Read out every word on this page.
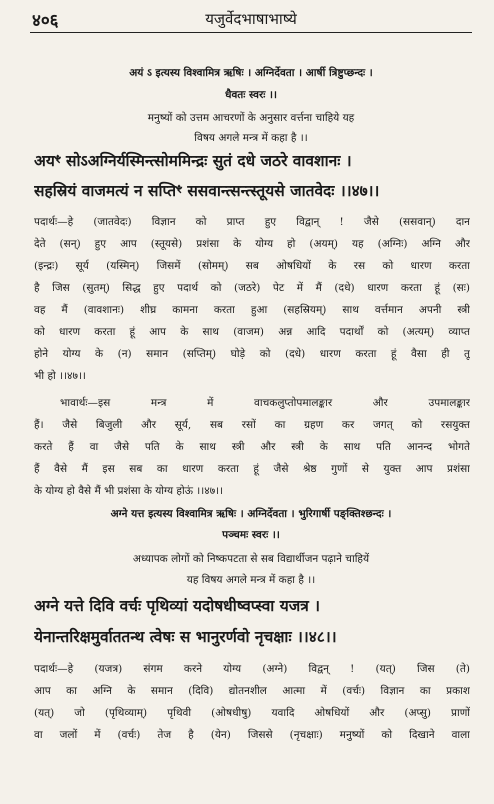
४०६	यजुर्वेदभाषाभाष्ये
अयं ऽ इत्यस्य विश्वामित्र ऋषिः । अग्निर्देवता । आर्षी त्रिष्टुप्छन्दः ।
धैवतः स्वरः ।।
मनुष्यों को उत्तम आचरणों के अनुसार वर्त्तना चाहिये यह
विषय अगले मन्त्र में कहा है ।।
अयꣳ सोऽअग्निर्यस्मिन्त्सोममिन्द्रः सुतं दधे जठरे वावशानः ।
सहस्रियं वाजमत्यं न सप्तिꣳ ससवान्त्सन्त्स्तूयसे जातवेदः ।।४७।।
पदार्थः—हे (जातवेदः) विज्ञान को प्राप्त हुए विद्वान् ! जैसे (ससवान्) दान
देते (सन्) हुए आप (स्तूयसे) प्रशंसा के योग्य हो (अयम्) यह (अग्निः) अग्नि और
(इन्द्रः) सूर्य (यस्मिन्) जिसमें (सोमम्) सब ओषधियों के रस को धारण करता
है जिस (सुतम्) सिद्ध हुए पदार्थ को (जठरे) पेट में मैं (दधे) धारण करता हूं (सः)
वह मैं (वावशानः) शीघ्र कामना करता हुआ (सहस्रियम्) साथ वर्त्तमान अपनी स्त्री
को धारण करता हूं आप के साथ (वाजम) अन्न आदि पदार्थों को (अत्यम्) व्याप्त
होने योग्य के (न) समान (सप्तिम्) घोड़े को (दधे) धारण करता हूं वैसा ही तू
भी हो ।।४७।।
भावार्थः—इस मन्त्र में वाचकलुप्तोपमालङ्कार और उपमालङ्कार
हैं। जैसे बिजुली और सूर्य, सब रसों का ग्रहण कर जगत् को रसयुक्त
करते हैं वा जैसे पति के साथ स्त्री और स्त्री के साथ पति आनन्द भोगते
हैं वैसे मैं इस सब का धारण करता हूं जैसे श्रेष्ठ गुणों से युक्त आप प्रशंसा
के योग्य हो वैसे मैं भी प्रशंसा के योग्य होऊं ।।४७।।
अग्ने यत्त इत्यस्य विश्वामित्र ऋषिः । अग्निर्देवता । भुरिगार्षी पङ्क्तिश्छन्दः ।
पञ्चमः स्वरः ।।
अध्यापक लोगों को निष्कपटता से सब विद्यार्थीजन पढ़ाने चाहियें
यह विषय अगले मन्त्र में कहा है ।।
अग्ने यत्ते दिवि वर्चः पृथिव्यां यदोषधीष्वप्स्वा यजत्र ।
येनान्तरिक्षमुर्वाततन्थ त्वेषः स भानुरर्णवो नृचक्षाः ।।४८।।
पदार्थः—हे (यजत्र) संगम करने योग्य (अग्ने) विद्वन् ! (यत्) जिस (ते)
आप का अग्नि के समान (दिवि) द्योतनशील आत्मा में (वर्चः) विज्ञान का प्रकाश
(यत्) जो (पृथिव्याम्) पृथिवी (ओषधीषु) यवादि ओषधियों और (अप्सु) प्राणों
वा जलों में (वर्चः) तेज है (येन) जिससे (नृचक्षाः) मनुष्यों को दिखाने वाला
